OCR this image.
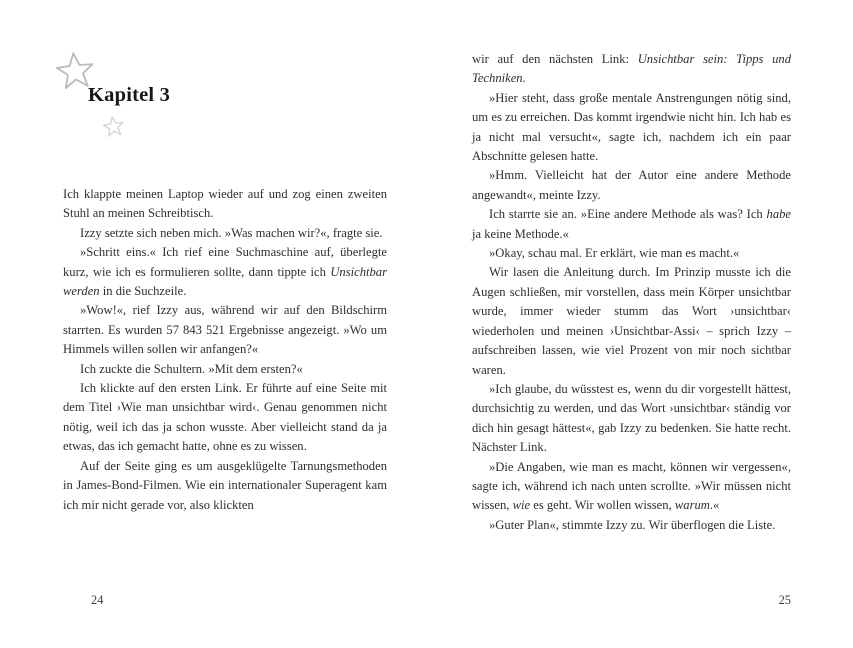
Kapitel 3

Ich klappte meinen Laptop wieder auf und zog einen zweiten Stuhl an meinen Schreibtisch.

Izzy setzte sich neben mich. »Was machen wir?«, fragte sie.

»Schritt eins.« Ich rief eine Suchmaschine auf, überlegte kurz, wie ich es formulieren sollte, dann tippte ich Unsichtbar werden in die Suchzeile.

»Wow!«, rief Izzy aus, während wir auf den Bildschirm starrten. Es wurden 57 843 521 Ergebnisse angezeigt. »Wo um Himmels willen sollen wir anfangen?«

Ich zuckte die Schultern. »Mit dem ersten?«

Ich klickte auf den ersten Link. Er führte auf eine Seite mit dem Titel ›Wie man unsichtbar wird‹. Genau genommen nicht nötig, weil ich das ja schon wusste. Aber vielleicht stand da ja etwas, das ich gemacht hatte, ohne es zu wissen.

Auf der Seite ging es um ausgeklügelte Tarnungsmethoden in James-Bond-Filmen. Wie ein internationaler Superagent kam ich mir nicht gerade vor, also klickten

24

wir auf den nächsten Link: Unsichtbar sein: Tipps und Techniken.

»Hier steht, dass große mentale Anstrengungen nötig sind, um es zu erreichen. Das kommt irgendwie nicht hin. Ich hab es ja nicht mal versucht«, sagte ich, nachdem ich ein paar Abschnitte gelesen hatte.

»Hmm. Vielleicht hat der Autor eine andere Methode angewandt«, meinte Izzy.

Ich starrte sie an. »Eine andere Methode als was? Ich habe ja keine Methode.«

»Okay, schau mal. Er erklärt, wie man es macht.«

Wir lasen die Anleitung durch. Im Prinzip musste ich die Augen schließen, mir vorstellen, dass mein Körper unsichtbar wurde, immer wieder stumm das Wort ›unsichtbar‹ wiederholen und meinen ›Unsichtbar-Assi‹ – sprich Izzy – aufschreiben lassen, wie viel Prozent von mir noch sichtbar waren.

»Ich glaube, du wüsstest es, wenn du dir vorgestellt hättest, durchsichtig zu werden, und das Wort ›unsichtbar‹ ständig vor dich hin gesagt hättest«, gab Izzy zu bedenken. Sie hatte recht. Nächster Link.

»Die Angaben, wie man es macht, können wir vergessen«, sagte ich, während ich nach unten scrollte. »Wir müssen nicht wissen, wie es geht. Wir wollen wissen, warum.«

»Guter Plan«, stimmte Izzy zu. Wir überflogen die Liste.

25
